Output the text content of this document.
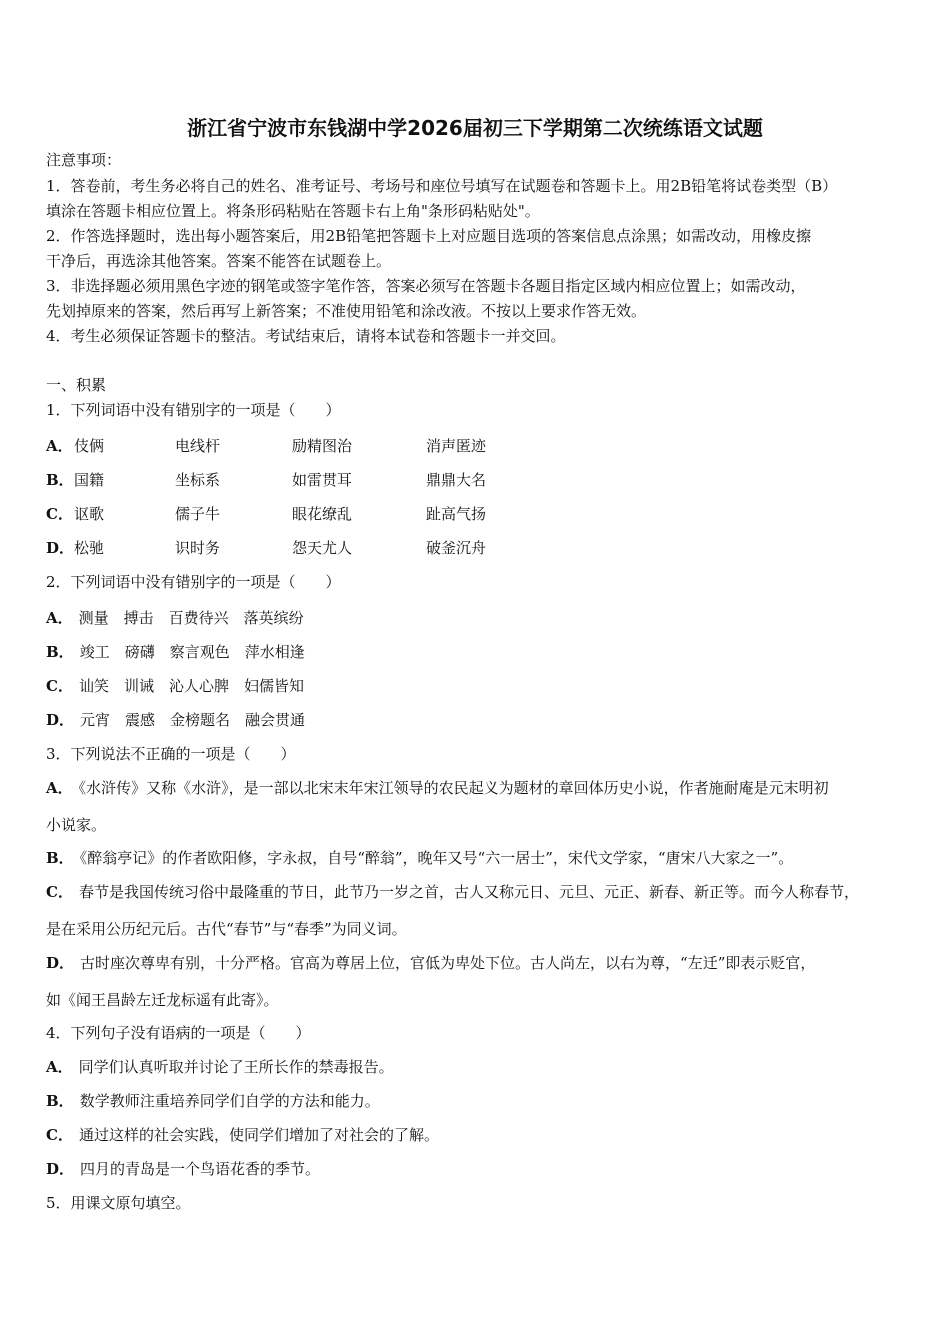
浙江省宁波市东钱湖中学2026届初三下学期第二次统练语文试题
注意事项：
1．答卷前，考生务必将自己的姓名、准考证号、考场号和座位号填写在试题卷和答题卡上。用2B铅笔将试卷类型（B）
填涂在答题卡相应位置上。将条形码粘贴在答题卡右上角"条形码粘贴处"。
2．作答选择题时，选出每小题答案后，用2B铅笔把答题卡上对应题目选项的答案信息点涂黑；如需改动，用橡皮擦
干净后，再选涂其他答案。答案不能答在试题卷上。
3．非选择题必须用黑色字迹的钢笔或签字笔作答，答案必须写在答题卡各题目指定区域内相应位置上；如需改动，
先划掉原来的答案，然后再写上新答案；不准使用铅笔和涂改液。不按以上要求作答无效。
4．考生必须保证答题卡的整洁。考试结束后，请将本试卷和答题卡一并交回。
一、积累
1．下列词语中没有错别字的一项是（　　）
A． 伎俩	电线杆	励精图治	消声匿迹
B． 国籍	坐标系	如雷贯耳	鼎鼎大名
C． 讴歌	儒子牛	眼花缭乱	趾高气扬
D． 松驰	识时务	怨天尤人	破釜沉舟
2．下列词语中没有错别字的一项是（　　）
A． 测量　搏击　百费待兴　落英缤纷
B． 竣工　磅礴　察言观色　萍水相逢
C． 讪笑　训诫　沁人心脾　妇儒皆知
D． 元宵　震感　金榜题名　融会贯通
3．下列说法不正确的一项是（　　）
A． 《水浒传》又称《水浒》，是一部以北宋末年宋江领导的农民起义为题材的章回体历史小说，作者施耐庵是元末明初
小说家。
B． 《醉翁亭记》的作者欧阳修，字永叔，自号“醉翁”，晚年又号“六一居士”，宋代文学家，“唐宋八大家之一”。
C． 春节是我国传统习俗中最隆重的节日，此节乃一岁之首，古人又称元日、元旦、元正、新春、新正等。而今人称春节，
是在采用公历纪元后。古代“春节”与“春季”为同义词。
D． 古时座次尊卑有别，十分严格。官高为尊居上位，官低为卑处下位。古人尚左，以右为尊，“左迁”即表示贬官，
如《闻王昌龄左迁龙标遥有此寄》。
4．下列句子没有语病的一项是（　　）
A． 同学们认真听取并讨论了王所长作的禁毒报告。
B． 数学教师注重培养同学们自学的方法和能力。
C． 通过这样的社会实践，使同学们增加了对社会的了解。
D． 四月的青岛是一个鸟语花香的季节。
5．用课文原句填空。
